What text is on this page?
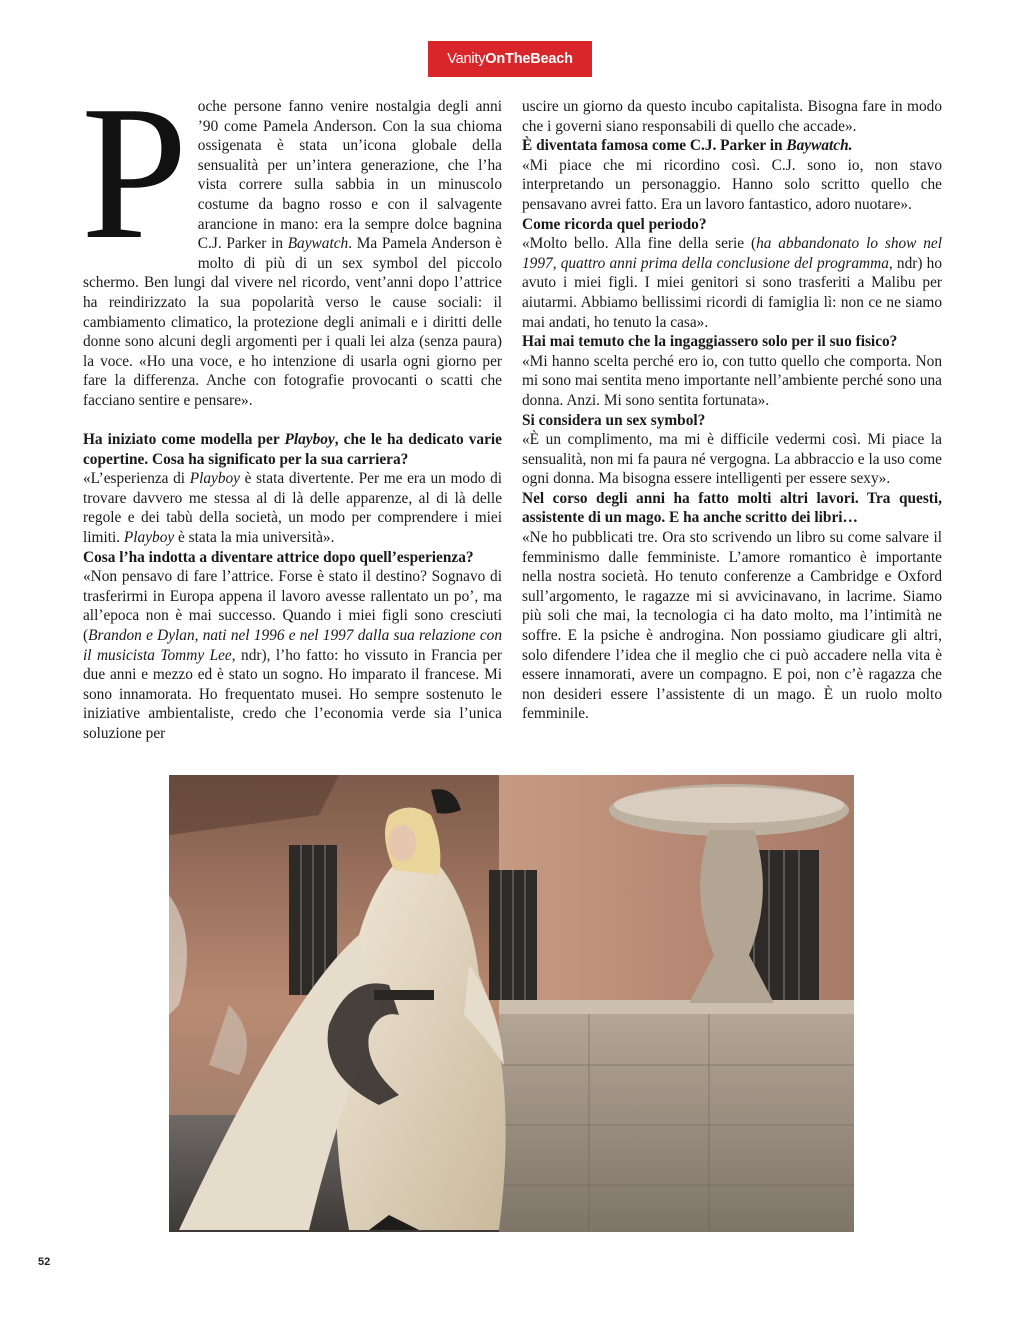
VanityOnTheBeach

Poche persone fanno venire nostalgia degli anni ’90 come Pamela Anderson. Con la sua chioma ossigenata è stata un’icona globale della sensualità per un’intera generazione, che l’ha vista correre sulla sabbia in un minuscolo costume da bagno rosso e con il salvagente arancione in mano: era la sempre dolce bagnina C.J. Parker in Baywatch. Ma Pamela Anderson è molto di più di un sex symbol del piccolo schermo. Ben lungi dal vivere nel ricordo, vent’anni dopo l’attrice ha reindirizzato la sua popolarità verso le cause sociali: il cambiamento climatico, la protezione degli animali e i diritti delle donne sono alcuni degli argomenti per i quali lei alza (senza paura) la voce. «Ho una voce, e ho intenzione di usarla ogni giorno per fare la differenza. Anche con fotografie provocanti o scatti che facciano sentire e pensare».

Ha iniziato come modella per Playboy, che le ha dedicato varie copertine. Cosa ha significato per la sua carriera?

«L’esperienza di Playboy è stata divertente. Per me era un modo di trovare davvero me stessa al di là delle apparenze, al di là delle regole e dei tabù della società, un modo per comprendere i miei limiti. Playboy è stata la mia università».

Cosa l’ha indotta a diventare attrice dopo quell’esperienza?

«Non pensavo di fare l’attrice. Forse è stato il destino? Sognavo di trasferirmi in Europa appena il lavoro avesse rallentato un po’, ma all’epoca non è mai successo. Quando i miei figli sono cresciuti (Brandon e Dylan, nati nel 1996 e nel 1997 dalla sua relazione con il musicista Tommy Lee, ndr), l’ho fatto: ho vissuto in Francia per due anni e mezzo ed è stato un sogno. Ho imparato il francese. Mi sono innamorata. Ho frequentato musei. Ho sempre sostenuto le iniziative ambientaliste, credo che l’economia verde sia l’unica soluzione per

uscire un giorno da questo incubo capitalista. Bisogna fare in modo che i governi siano responsabili di quello che accade».

È diventata famosa come C.J. Parker in Baywatch.

«Mi piace che mi ricordino così. C.J. sono io, non stavo interpretando un personaggio. Hanno solo scritto quello che pensavano avrei fatto. Era un lavoro fantastico, adoro nuotare».

Come ricorda quel periodo?

«Molto bello. Alla fine della serie (ha abbandonato lo show nel 1997, quattro anni prima della conclusione del programma, ndr) ho avuto i miei figli. I miei genitori si sono trasferiti a Malibu per aiutarmi. Abbiamo bellissimi ricordi di famiglia lì: non ce ne siamo mai andati, ho tenuto la casa».

Hai mai temuto che la ingaggiassero solo per il suo fisico?

«Mi hanno scelta perché ero io, con tutto quello che comporta. Non mi sono mai sentita meno importante nell’ambiente perché sono una donna. Anzi. Mi sono sentita fortunata».

Si considera un sex symbol?

«È un complimento, ma mi è difficile vedermi così. Mi piace la sensualità, non mi fa paura né vergogna. La abbraccio e la uso come ogni donna. Ma bisogna essere intelligenti per essere sexy».

Nel corso degli anni ha fatto molti altri lavori. Tra questi, assistente di un mago. E ha anche scritto dei libri…

«Ne ho pubblicati tre. Ora sto scrivendo un libro su come salvare il femminismo dalle femministe. L’amore romantico è importante nella nostra società. Ho tenuto conferenze a Cambridge e Oxford sull’argomento, le ragazze mi si avvicinavano, in lacrime. Siamo più soli che mai, la tecnologia ci ha dato molto, ma l’intimità ne soffre. E la psiche è androgina. Non possiamo giudicare gli altri, solo difendere l’idea che il meglio che ci può accadere nella vita è essere innamorati, avere un compagno. E poi, non c’è ragazza che non desideri essere l’assistente di un mago. È un ruolo molto femminile.

52
